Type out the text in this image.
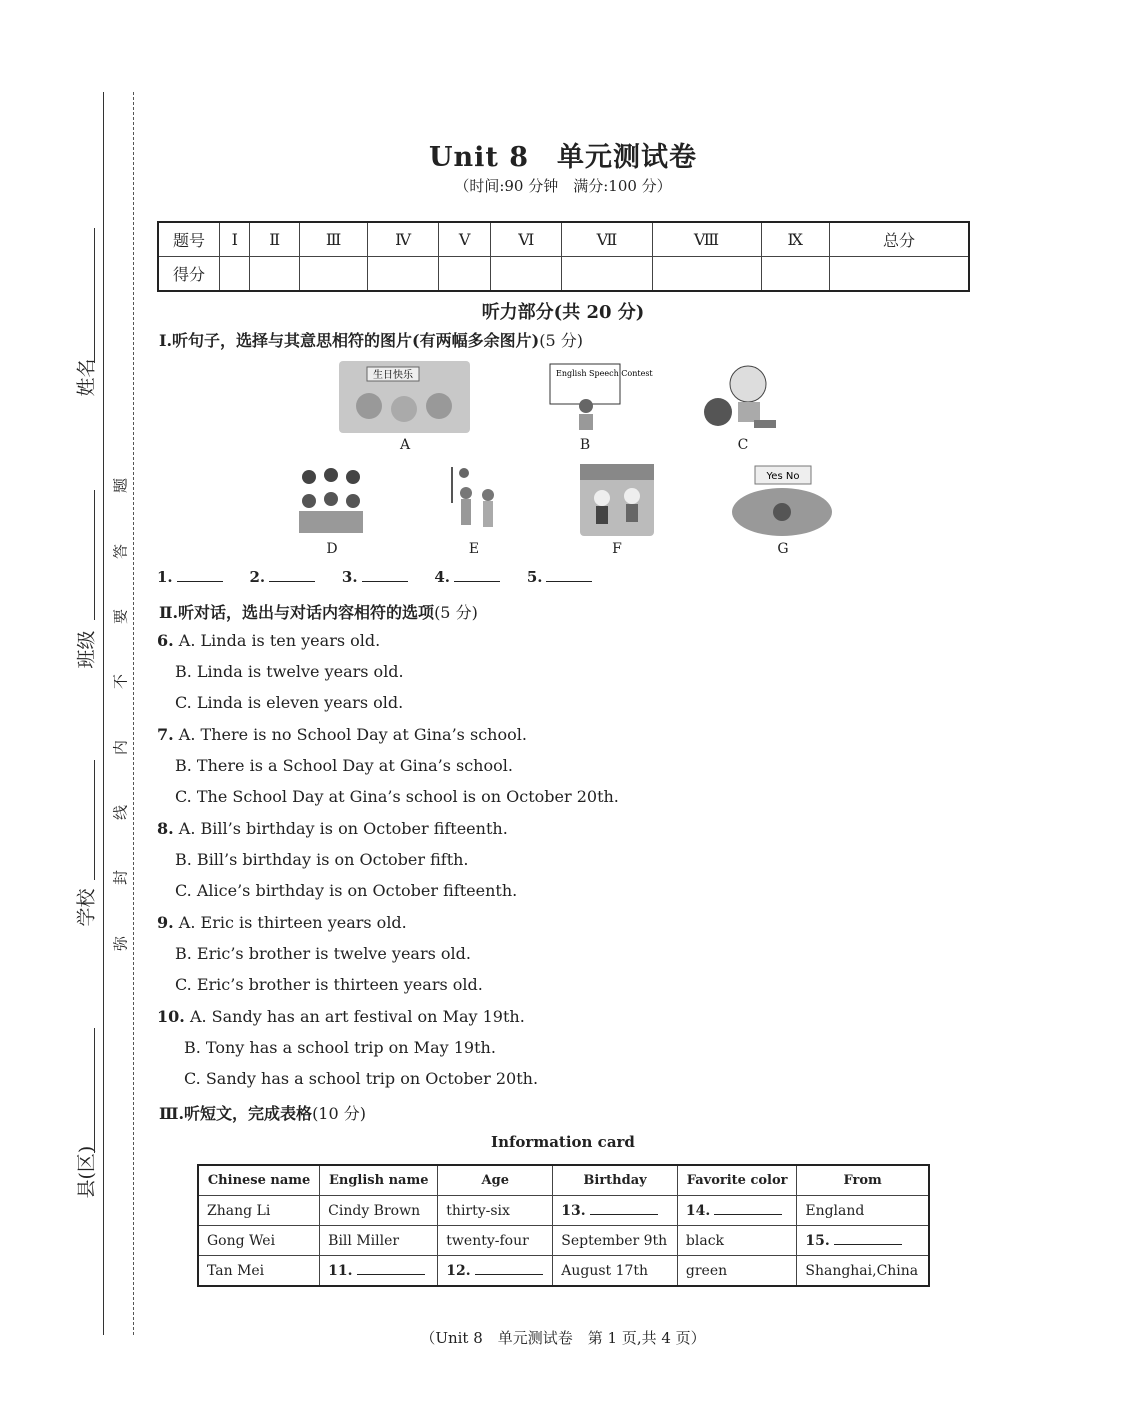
姓名
班级
学校
县(区)
弥
封
线
内
不
要
答
题
Unit 8　单元测试卷
（时间:90 分钟　满分:100 分）
题号	Ⅰ	Ⅱ	Ⅲ	Ⅳ	Ⅴ	Ⅵ	Ⅶ	Ⅷ	Ⅸ	总分
得分										
听力部分(共 20 分)
Ⅰ.听句子，选择与其意思相符的图片(有两幅多余图片)(5 分)
生日快乐
A
English Speech Contest
B	C
D	E	F
Yes No
G
1.	2.	3.	4.	5.
Ⅱ.听对话，选出与对话内容相符的选项(5 分)
6. A. Linda is ten years old.
B. Linda is twelve years old.
C. Linda is eleven years old.
7. A. There is no School Day at Gina’s school.
B. There is a School Day at Gina’s school.
C. The School Day at Gina’s school is on October 20th.
8. A. Bill’s birthday is on October fifteenth.
B. Bill’s birthday is on October fifth.
C. Alice’s birthday is on October fifteenth.
9. A. Eric is thirteen years old.
B. Eric’s brother is twelve years old.
C. Eric’s brother is thirteen years old.
10. A. Sandy has an art festival on May 19th.
B. Tony has a school trip on May 19th.
C. Sandy has a school trip on October 20th.
Ⅲ.听短文，完成表格(10 分)
Information card
Chinese name	English name	Age	Birthday	Favorite color	From
Zhang Li	Cindy Brown	thirty-six	13.	14.	England
Gong Wei	Bill Miller	twenty-four	September 9th	black	15.
Tan Mei	11.	12.	August 17th	green	Shanghai,China
（Unit 8　单元测试卷　第 1 页,共 4 页）
